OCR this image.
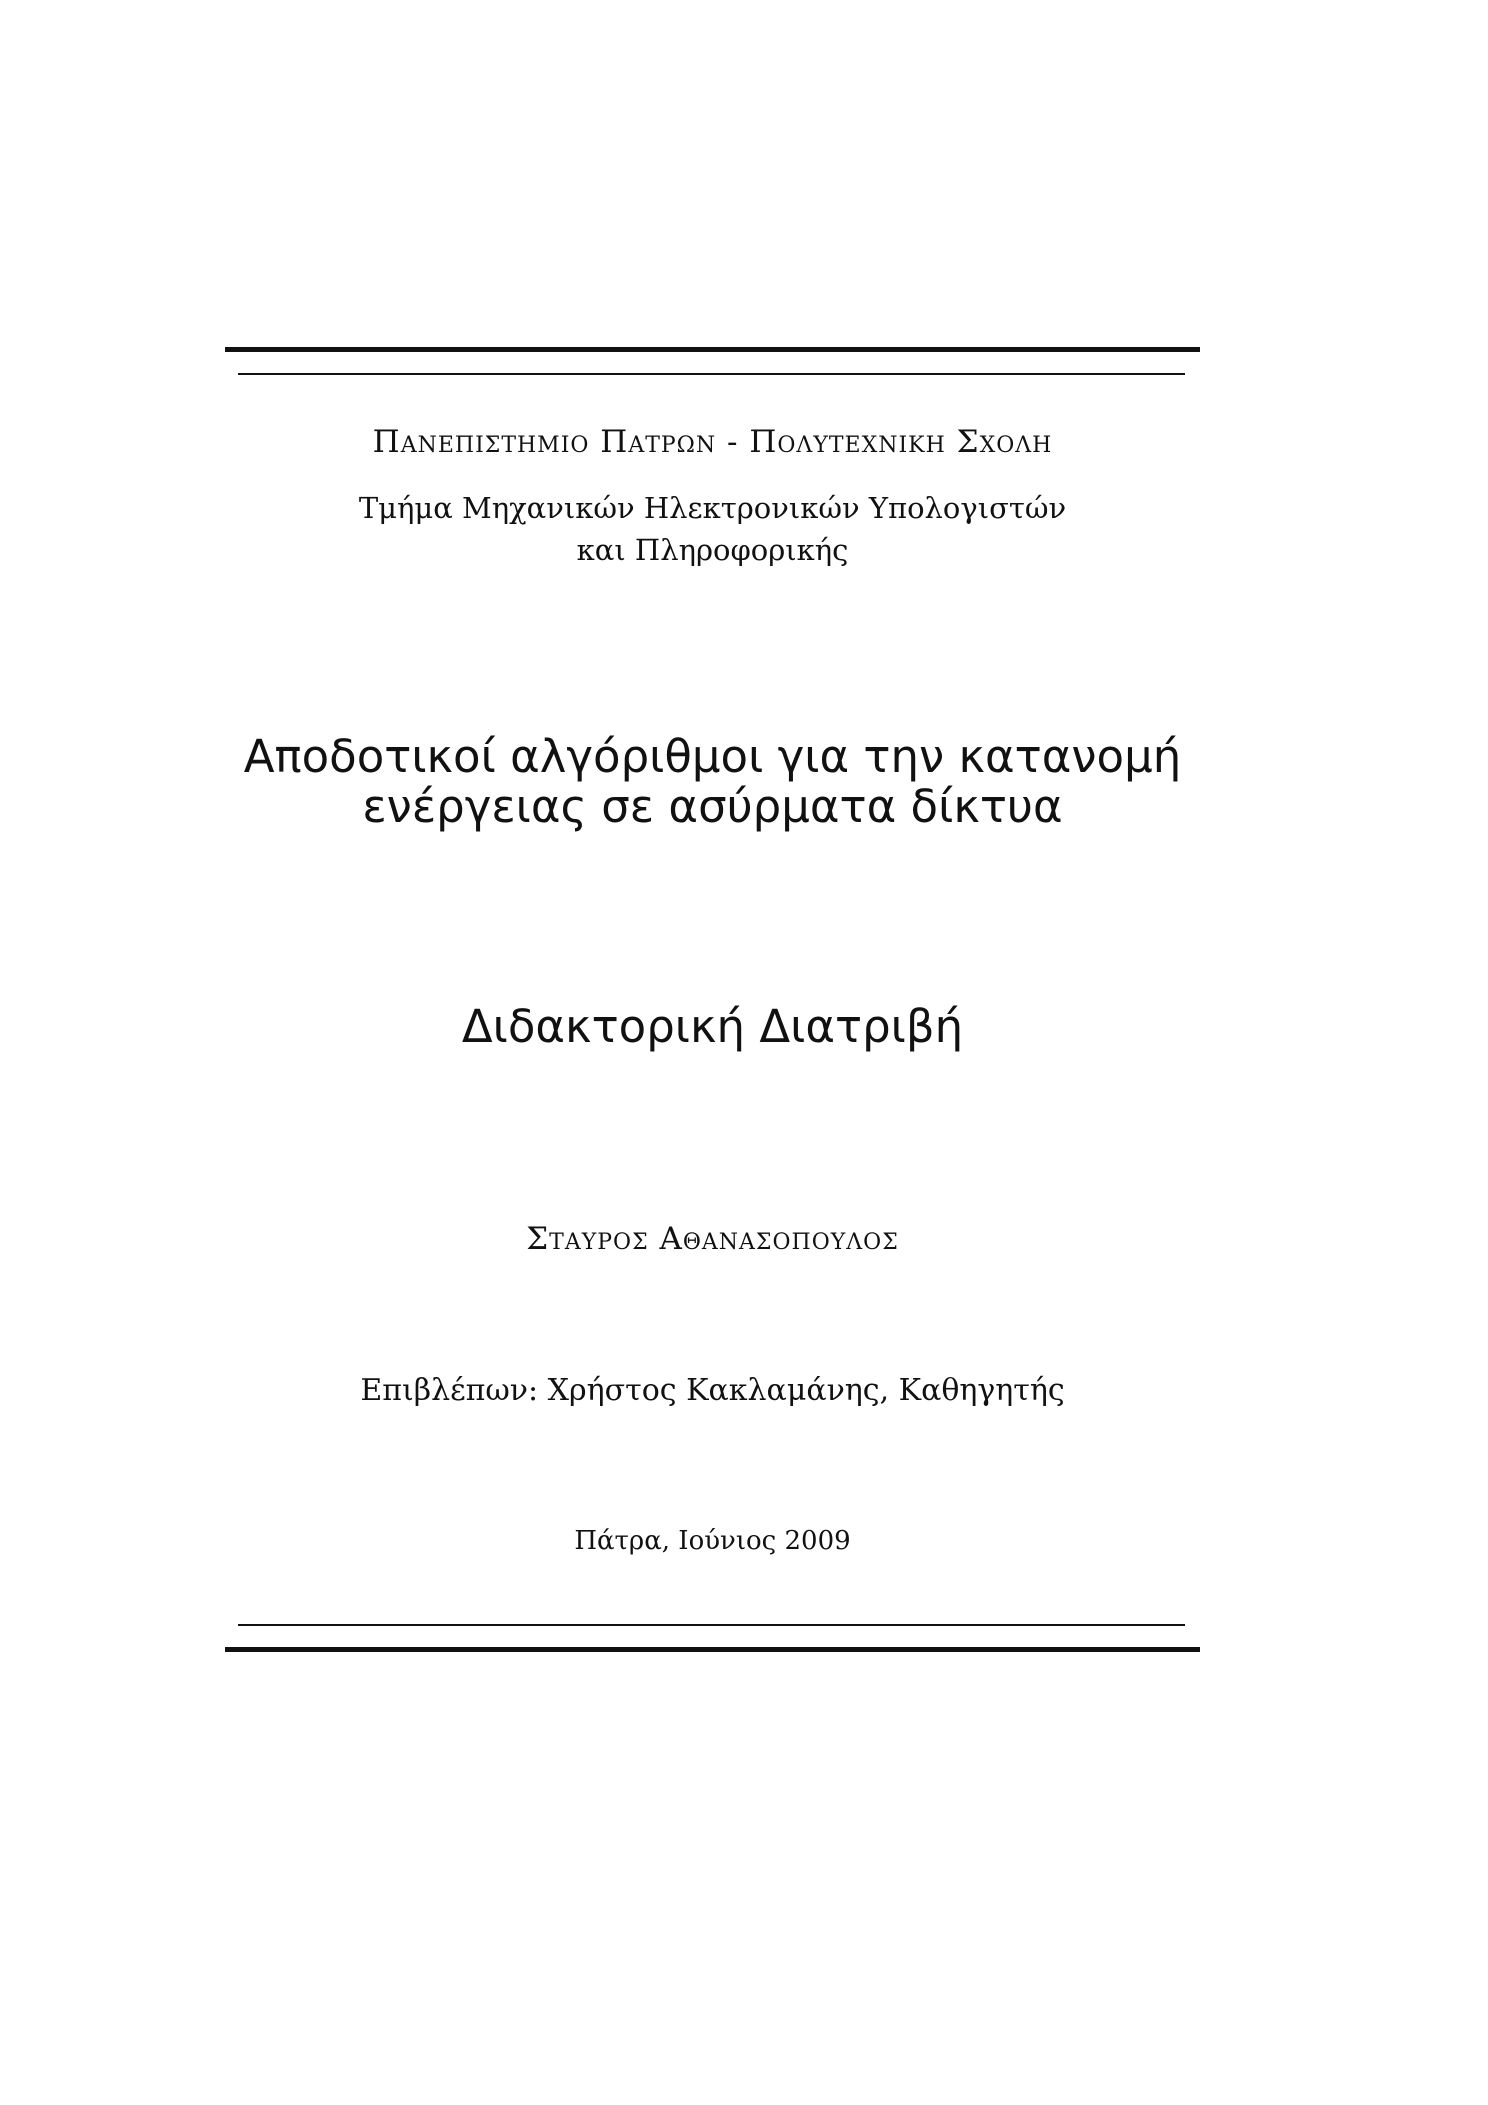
Πανεπιστημιο Πατρων - Πολυτεχνικη Σχολη
Τμήμα Μηχανικών Ηλεκτρονικών Υπολογιστών
και Πληροφορικής
Αποδοτικοί αλγόριθμοι για την κατανομή
ενέργειας σε ασύρματα δίκτυα
Διδακτορική Διατριβή
Σταυρος Αθανασοπουλος
Επιβλέπων: Χρήστος Κακλαμάνης, Καθηγητής
Πάτρα, Ιούνιος 2009
